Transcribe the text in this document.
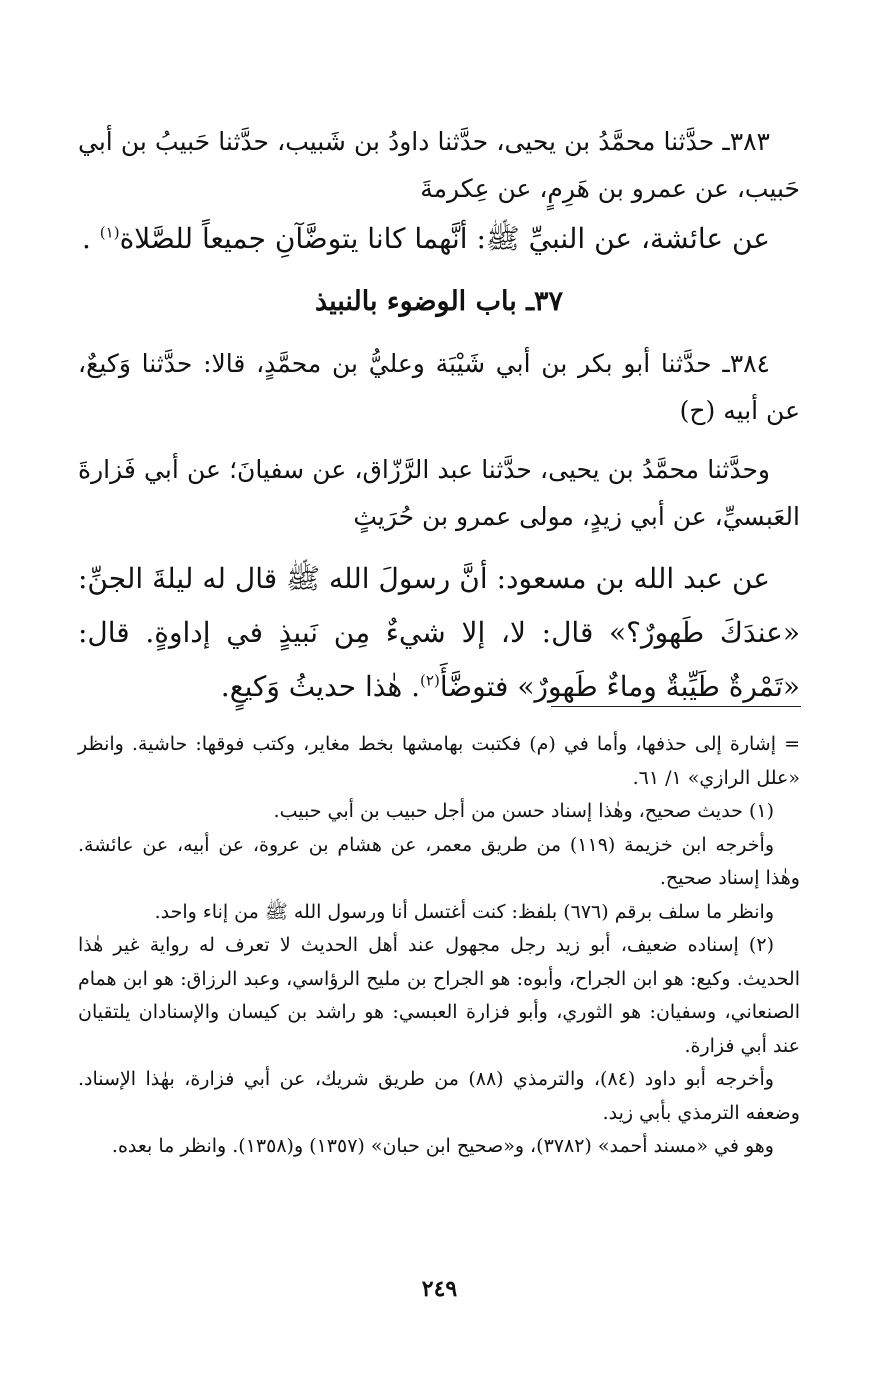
٣٨٣ـ حدَّثنا محمَّدُ بن يحيى، حدَّثنا داودُ بن شَبيب، حدَّثنا حَبيبُ بن أبي حَبيب، عن عمرو بن هَرِمٍ، عن عِكرمةَ

عن عائشة، عن النبيِّ ﷺ: أنَّهما كانا يتوضَّآنِ جميعاً للصَّلاة$^{(١)}$ .

٣٧ـ باب الوضوء بالنبيذ

٣٨٤ـ حدَّثنا أبو بكر بن أبي شَيْبَة وعليُّ بن محمَّدٍ، قالا: حدَّثنا وَكيعٌ، عن أبيه (ح)

وحدَّثنا محمَّدُ بن يحيى، حدَّثنا عبد الرَّزّاق، عن سفيانَ؛ عن أبي فَزارةَ العَبسيِّ، عن أبي زيدٍ، مولى عمرو بن حُرَيثٍ

عن عبد الله بن مسعود: أنَّ رسولَ الله ﷺ قال له ليلةَ الجنِّ: «عندَكَ طَهورٌ؟» قال: لا، إلا شيءٌ مِن نَبيذٍ في إداوةٍ. قال: «تَمْرةٌ طَيِّبةٌ وماءٌ طَهورٌ» فتوضَّأَ$^{(٢)}$. هٰذا حديثُ وَكيعٍ.

= إشارة إلى حذفها، وأما في (م) فكتبت بهامشها بخط مغاير، وكتب فوقها: حاشية. وانظر «علل الرازي» ١/ ٦١.

(١) حديث صحيح، وهٰذا إسناد حسن من أجل حبيب بن أبي حبيب.

وأخرجه ابن خزيمة (١١٩) من طريق معمر، عن هشام بن عروة، عن أبيه، عن عائشة. وهٰذا إسناد صحيح.

وانظر ما سلف برقم (٦٧٦) بلفظ: كنت أغتسل أنا ورسول الله ﷺ من إناء واحد.

(٢) إسناده ضعيف، أبو زيد رجل مجهول عند أهل الحديث لا تعرف له رواية غير هٰذا الحديث. وكيع: هو ابن الجراح، وأبوه: هو الجراح بن مليح الرؤاسي، وعبد الرزاق: هو ابن همام الصنعاني، وسفيان: هو الثوري، وأبو فزارة العبسي: هو راشد بن كيسان والإسنادان يلتقيان عند أبي فزارة.

وأخرجه أبو داود (٨٤)، والترمذي (٨٨) من طريق شريك، عن أبي فزارة، بهٰذا الإسناد. وضعفه الترمذي بأبي زيد.

وهو في «مسند أحمد» (٣٧٨٢)، و«صحيح ابن حبان» (١٣٥٧) و(١٣٥٨). وانظر ما بعده.

٢٤٩
